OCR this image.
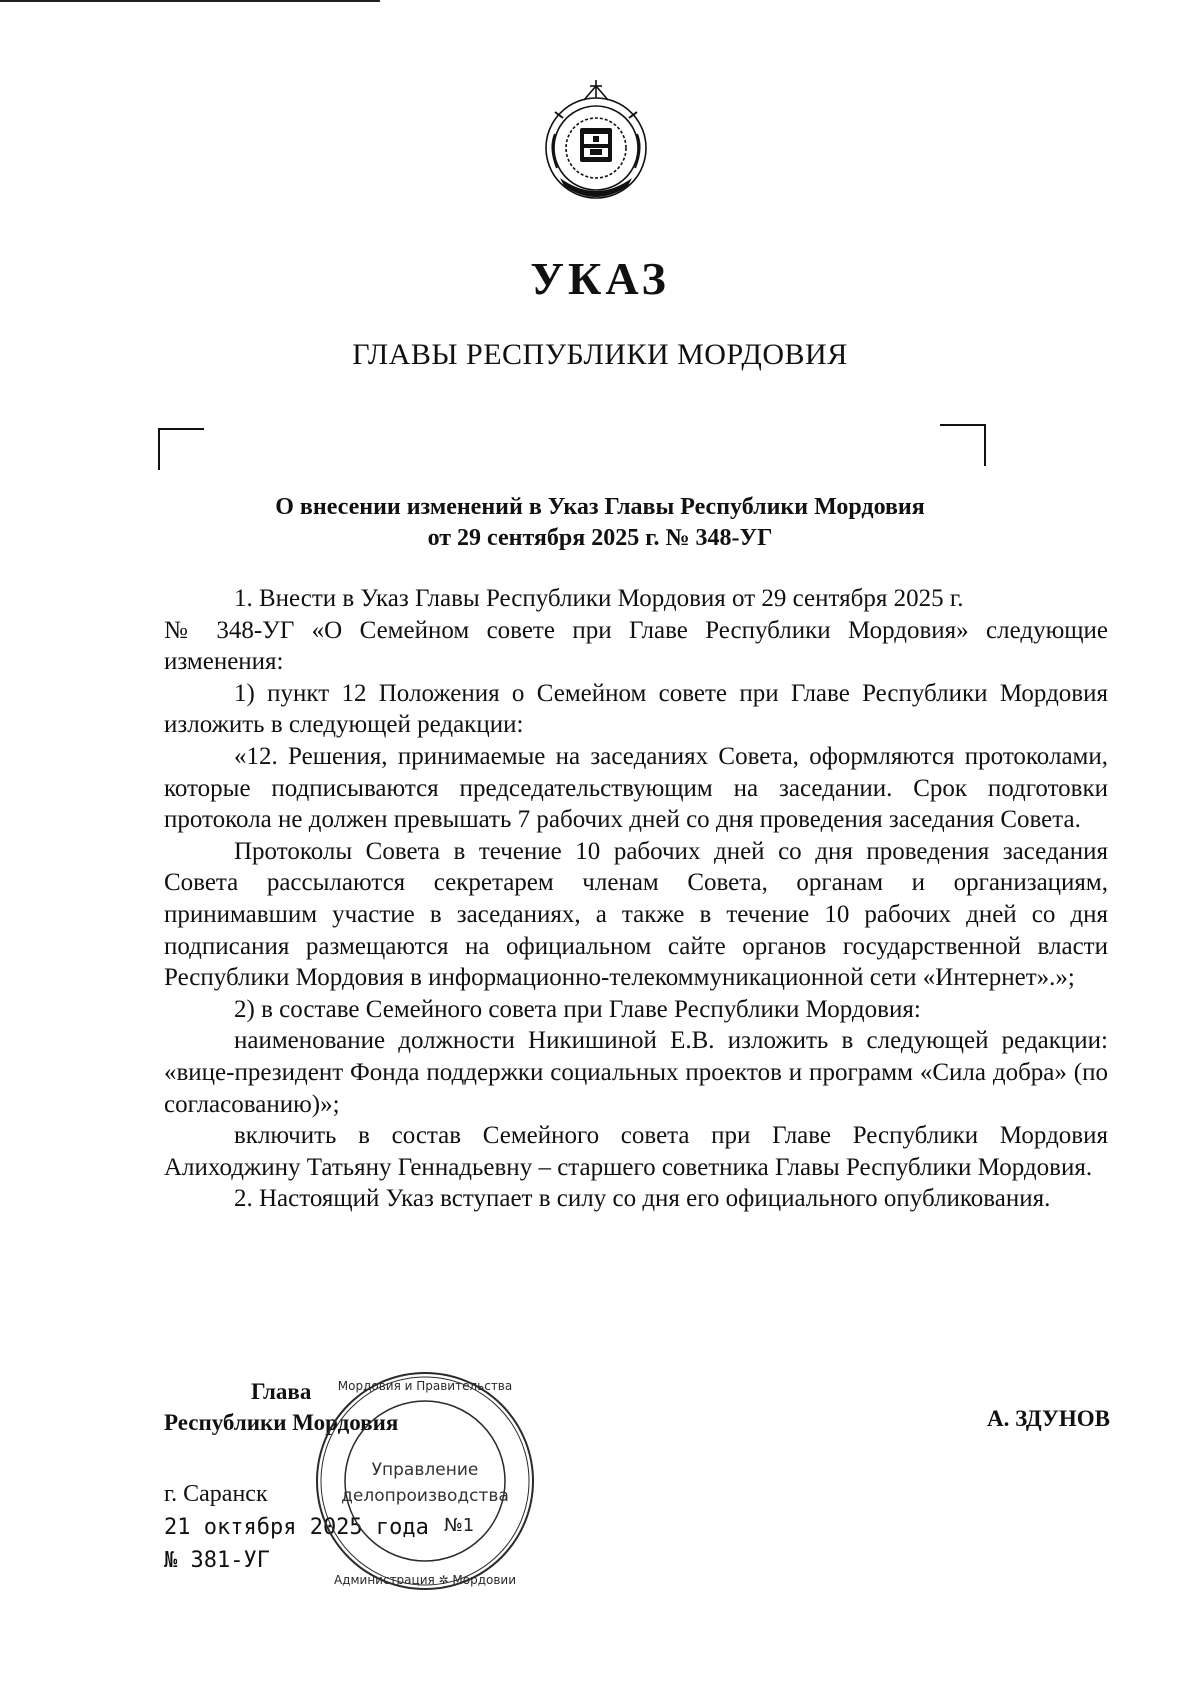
УКАЗ
ГЛАВЫ РЕСПУБЛИКИ МОРДОВИЯ
О внесении изменений в Указ Главы Республики Мордовия
от 29 сентября 2025 г. № 348-УГ

1. Внести в Указ Главы Республики Мордовия от 29 сентября 2025 г.

№ 348-УГ «О Семейном совете при Главе Республики Мордовия» следующие изменения:

1) пункт 12 Положения о Семейном совете при Главе Республики Мордовия изложить в следующей редакции:

«12. Решения, принимаемые на заседаниях Совета, оформляются протоколами, которые подписываются председательствующим на заседании. Срок подготовки протокола не должен превышать 7 рабочих дней со дня проведения заседания Совета.

Протоколы Совета в течение 10 рабочих дней со дня проведения заседания Совета рассылаются секретарем членам Совета, органам и организациям, принимавшим участие в заседаниях, а также в течение 10 рабочих дней со дня подписания размещаются на официальном сайте органов государственной власти Республики Мордовия в информационно-телекоммуникационной сети «Интернет».»;

2) в составе Семейного совета при Главе Республики Мордовия:

наименование должности Никишиной Е.В. изложить в следующей редакции: «вице-президент Фонда поддержки социальных проектов и программ «Сила добра» (по согласованию)»;

включить в состав Семейного совета при Главе Республики Мордовия Алиходжину Татьяну Геннадьевну – старшего советника Главы Республики Мордовия.

2. Настоящий Указ вступает в силу со дня его официального опубликования.

Глава
Республики Мордовия	А. ЗДУНОВ
г. Саранск
21 октября 2025 года
№ 381-УГ
Мордовия и Правительства
Администрация ✲ Мордовии
Управление
делопроизводства
№1
